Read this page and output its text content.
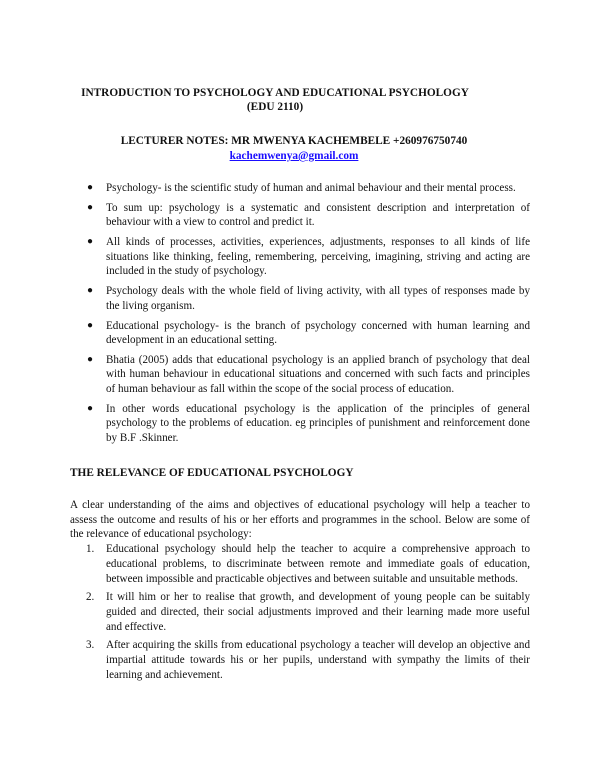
INTRODUCTION TO PSYCHOLOGY AND EDUCATIONAL PSYCHOLOGY
(EDU 2110)
LECTURER NOTES: MR MWENYA KACHEMBELE +260976750740
kachemwenya@gmail.com
● Psychology- is the scientific study of human and animal behaviour and their mental process.
● To sum up: psychology is a systematic and consistent description and interpretation of behaviour with a view to control and predict it.
● All kinds of processes, activities, experiences, adjustments, responses to all kinds of life situations like thinking, feeling, remembering, perceiving, imagining, striving and acting are included in the study of psychology.
● Psychology deals with the whole field of living activity, with all types of responses made by the living organism.
● Educational psychology- is the branch of psychology concerned with human learning and development in an educational setting.
● Bhatia (2005) adds that educational psychology is an applied branch of psychology that deal with human behaviour in educational situations and concerned with such facts and principles of human behaviour as fall within the scope of the social process of education.
● In other words educational psychology is the application of the principles of general psychology to the problems of education. eg principles of punishment and reinforcement done by B.F .Skinner.
THE RELEVANCE OF EDUCATIONAL PSYCHOLOGY

A clear understanding of the aims and objectives of educational psychology will help a teacher to assess the outcome and results of his or her efforts and programmes in the school. Below are some of the relevance of educational psychology:

1. Educational psychology should help the teacher to acquire a comprehensive approach to educational problems, to discriminate between remote and immediate goals of education, between impossible and practicable objectives and between suitable and unsuitable methods.
2. It will him or her to realise that growth, and development of young people can be suitably guided and directed, their social adjustments improved and their learning made more useful and effective.
3. After acquiring the skills from educational psychology a teacher will develop an objective and impartial attitude towards his or her pupils, understand with sympathy the limits of their learning and achievement.
